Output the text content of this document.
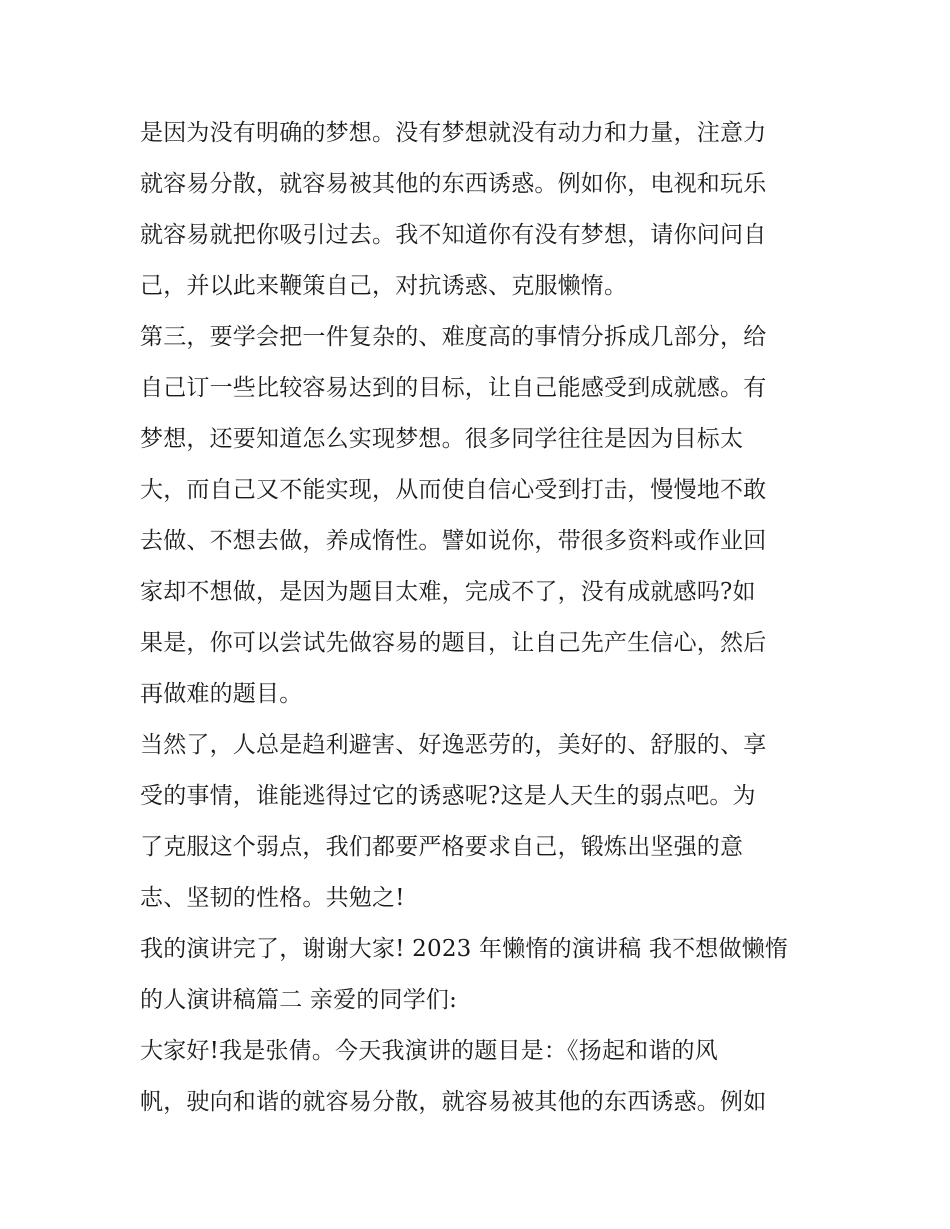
是因为没有明确的梦想。没有梦想就没有动力和力量，注意力
就容易分散，就容易被其他的东西诱惑。例如你，电视和玩乐
就容易就把你吸引过去。我不知道你有没有梦想，请你问问自
己，并以此来鞭策自己，对抗诱惑、克服懒惰。
第三，要学会把一件复杂的、难度高的事情分拆成几部分，给
自己订一些比较容易达到的目标，让自己能感受到成就感。有
梦想，还要知道怎么实现梦想。很多同学往往是因为目标太
大，而自己又不能实现，从而使自信心受到打击，慢慢地不敢
去做、不想去做，养成惰性。譬如说你，带很多资料或作业回
家却不想做，是因为题目太难，完成不了，没有成就感吗?如
果是，你可以尝试先做容易的题目，让自己先产生信心，然后
再做难的题目。
当然了，人总是趋利避害、好逸恶劳的，美好的、舒服的、享
受的事情，谁能逃得过它的诱惑呢?这是人天生的弱点吧。为
了克服这个弱点，我们都要严格要求自己，锻炼出坚强的意
志、坚韧的性格。共勉之!
我的演讲完了，谢谢大家! 2023 年懒惰的演讲稿 我不想做懒惰
的人演讲稿篇二 亲爱的同学们:
大家好!我是张倩。今天我演讲的题目是：《扬起和谐的风
帆，驶向和谐的就容易分散，就容易被其他的东西诱惑。例如
